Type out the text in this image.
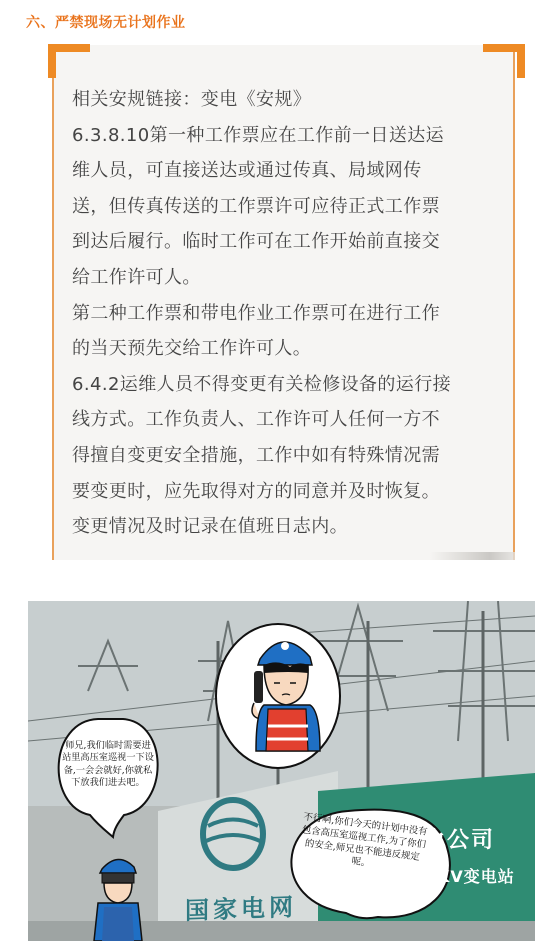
六、严禁现场无计划作业

相关安规链接：变电《安规》

6.3.8.10第一种工作票应在工作前一日送达运

维人员，可直接送达或通过传真、局域网传

送，但传真传送的工作票许可应待正式工作票

到达后履行。临时工作可在工作开始前直接交

给工作许可人。

第二种工作票和带电作业工作票可在进行工作

的当天预先交给工作许可人。

6.4.2运维人员不得变更有关检修设备的运行接

线方式。工作负责人、工作许可人任何一方不

得擅自变更安全措施，工作中如有特殊情况需

要变更时，应先取得对方的同意并及时恢复。

变更情况及时记录在值班日志内。

师兄,我们临时需要进站里高压室巡视一下设备,一会会就好,你就私下放我们进去吧。
不行啊,你们今天的计划中没有包含高压室巡视工作,为了你们的安全,师兄也不能违反规定呢。
国家电网
力公司
KV变电站
